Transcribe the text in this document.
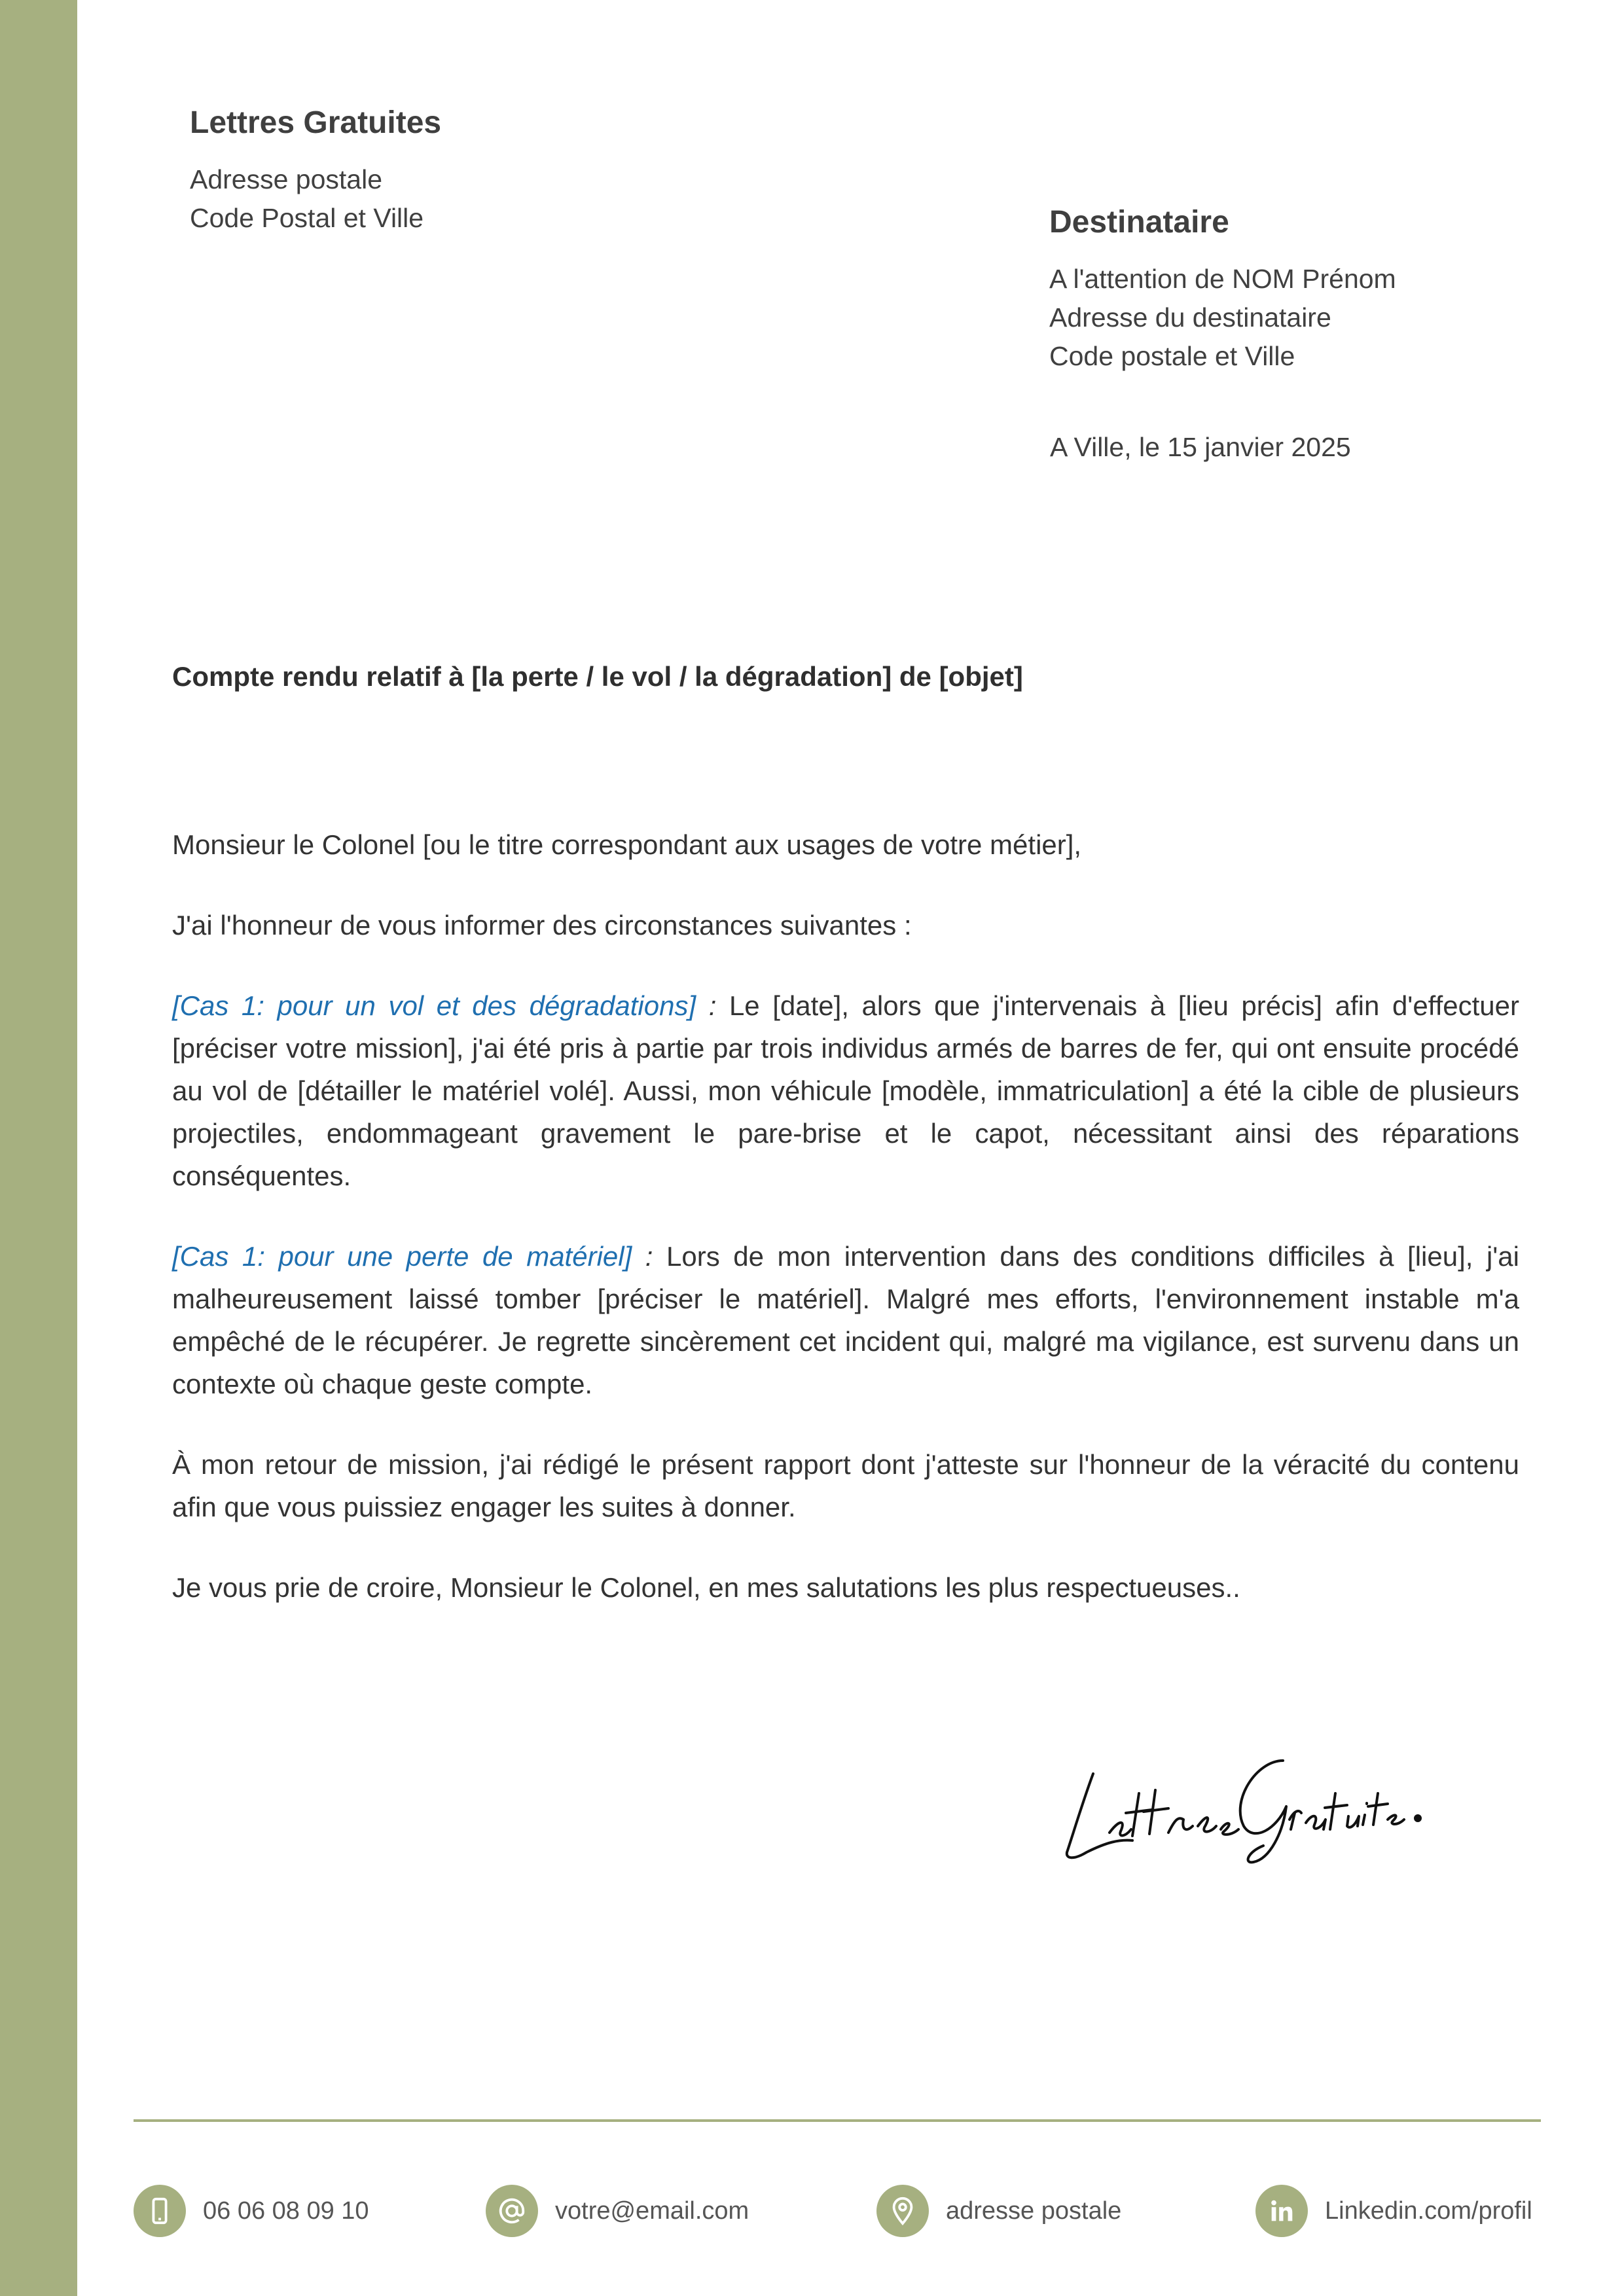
Lettres Gratuites
Adresse postale
Code Postal et Ville	Destinataire
A l'attention de NOM Prénom
Adresse du destinataire
Code postale et Ville
A Ville, le 15 janvier 2025
Compte rendu relatif à [la perte / le vol / la dégradation] de [objet]

Monsieur le Colonel [ou le titre correspondant aux usages de votre métier],

J'ai l'honneur de vous informer des circonstances suivantes :

[Cas 1: pour un vol et des dégradations] : Le [date], alors que j'intervenais à [lieu précis] afin d'effectuer [préciser votre mission], j'ai été pris à partie par trois individus armés de barres de fer, qui ont ensuite procédé au vol de [détailler le matériel volé]. Aussi, mon véhicule [modèle, immatriculation] a été la cible de plusieurs projectiles, endommageant gravement le pare-brise et le capot, nécessitant ainsi des réparations conséquentes.

[Cas 1: pour une perte de matériel] : Lors de mon intervention dans des conditions difficiles à [lieu], j'ai malheureusement laissé tomber [préciser le matériel]. Malgré mes efforts, l'environnement instable m'a empêché de le récupérer. Je regrette sincèrement cet incident qui, malgré ma vigilance, est survenu dans un contexte où chaque geste compte.

À mon retour de mission, j'ai rédigé le présent rapport dont j'atteste sur l'honneur de la véracité du contenu afin que vous puissiez engager les suites à donner.

Je vous prie de croire, Monsieur le Colonel, en mes salutations les plus respectueuses..

06 06 08 09 10	votre@email.com	adresse postale	Linkedin.com/profil
